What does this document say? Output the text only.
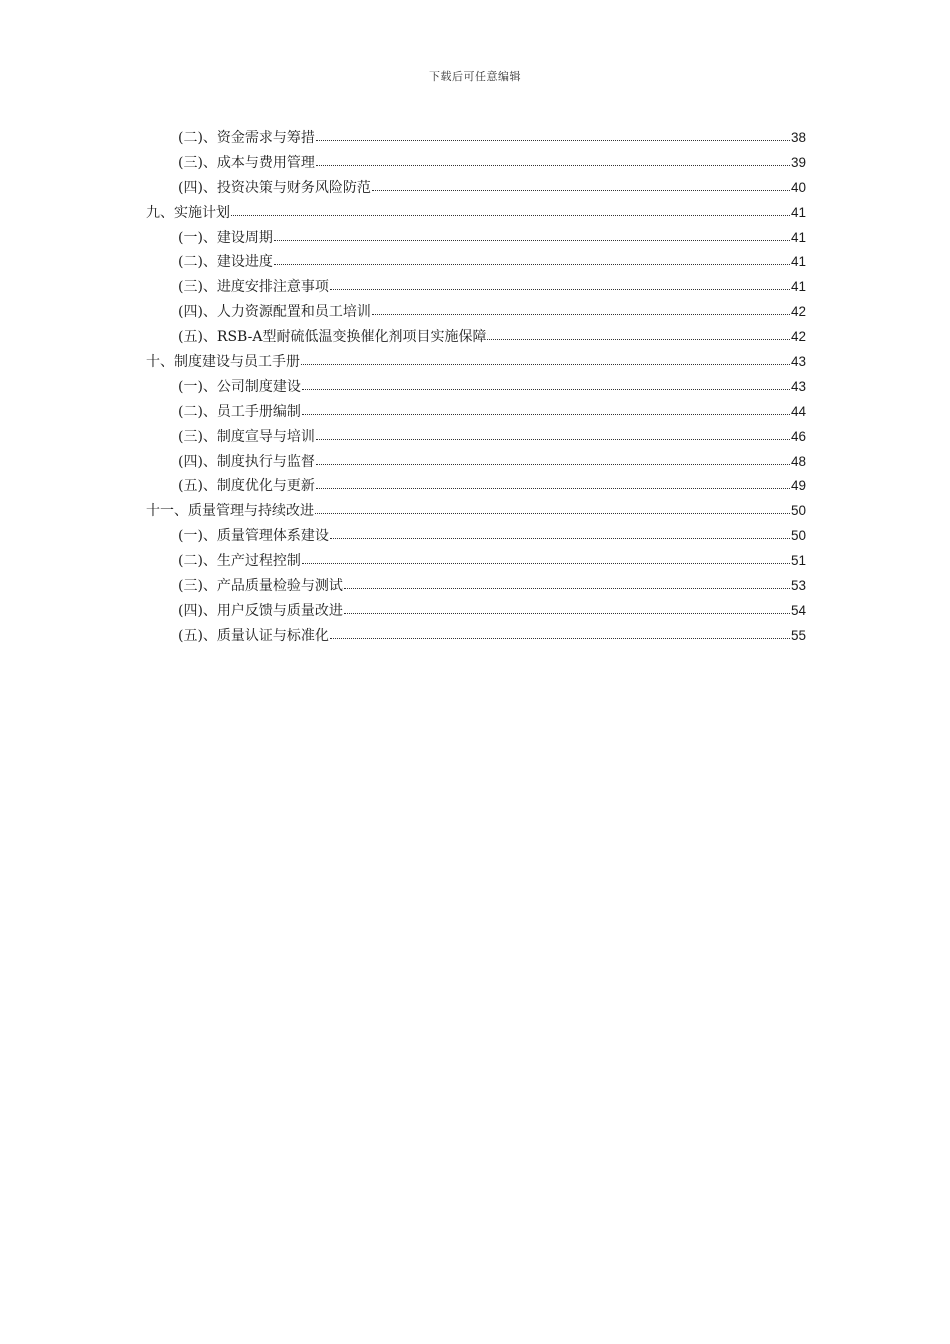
下载后可任意编辑
(二)、资金需求与筹措	38
(三)、成本与费用管理	39
(四)、投资决策与财务风险防范	40
九、实施计划	41
(一)、建设周期	41
(二)、建设进度	41
(三)、进度安排注意事项	41
(四)、人力资源配置和员工培训	42
(五)、RSB-A型耐硫低温变换催化剂项目实施保障	42
十、制度建设与员工手册	43
(一)、公司制度建设	43
(二)、员工手册编制	44
(三)、制度宣导与培训	46
(四)、制度执行与监督	48
(五)、制度优化与更新	49
十一、质量管理与持续改进	50
(一)、质量管理体系建设	50
(二)、生产过程控制	51
(三)、产品质量检验与测试	53
(四)、用户反馈与质量改进	54
(五)、质量认证与标准化	55
